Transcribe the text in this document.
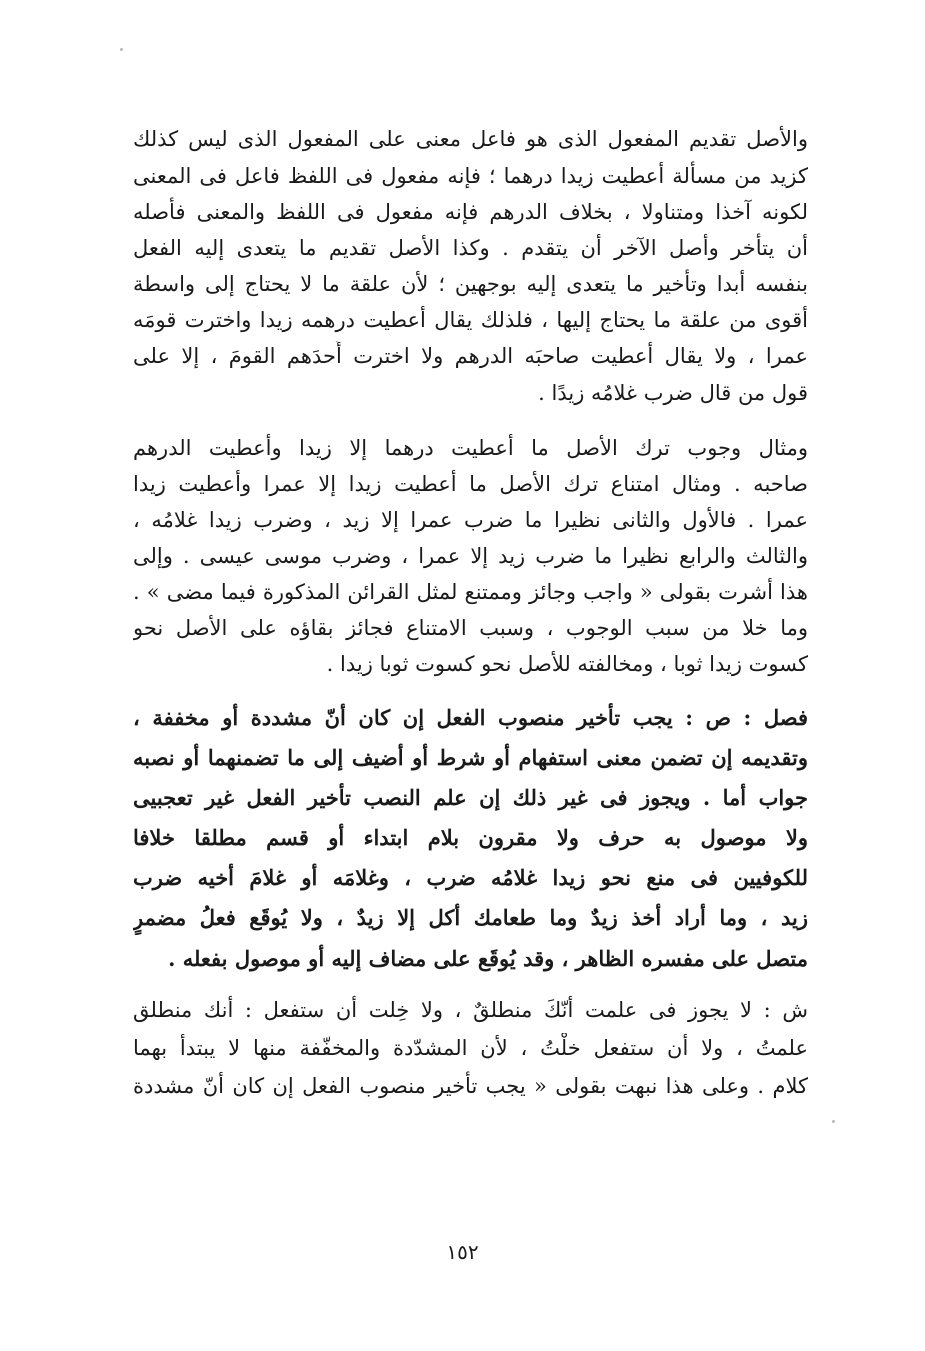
والأصل تقديم المفعول الذى هو فاعل معنى على المفعول الذى ليس كذلك
كزيد من مسألة أعطيت زيدا درهما ؛ فإنه مفعول فى اللفظ فاعل فى المعنى
لكونه آخذا ومتناولا ، بخلاف الدرهم فإنه مفعول فى اللفظ والمعنى فأصله
أن يتأخر وأصل الآخر أن يتقدم . وكذا الأصل تقديم ما يتعدى إليه الفعل
بنفسه أبدا وتأخير ما يتعدى إليه بوجهين ؛ لأن علقة ما لا يحتاج إلى واسطة
أقوى من علقة ما يحتاج إليها ، فلذلك يقال أعطيت درهمه زيدا واخترت قومَه
عمرا ، ولا يقال أعطيت صاحبَه الدرهم ولا اخترت أَحدَهم القومَ ، إلا على
قول من قال ضرب غلامُه زيدًا .
ومثال وجوب ترك الأصل ما أعطيت درهما إلا زيدا وأعطيت الدرهم
صاحبه . ومثال امتناع ترك الأصل ما أعطيت زيدا إلا عمرا وأعطيت زيدا
عمرا . فالأول والثانى نظيرا ما ضرب عمرا إلا زيد ، وضرب زيدا غلامُه ،
والثالث والرابع نظيرا ما ضرب زيد إلا عمرا ، وضرب موسى عيسى . وإلى
هذا أشرت بقولى « واجب وجائز وممتنع لمثل القرائن المذكورة فيما مضى » .
وما خلا من سبب الوجوب ، وسبب الامتناع فجائز بقاؤه على الأصل نحو
كسوت زيدا ثوبا ، ومخالفته للأصل نحو كسوت ثوبا زيدا .
فصل : ص : يجب تأخير منصوب الفعل إن كان أنّ مشددة أو مخففة ،
وتقديمه إن تضمن معنى استفهام أو شرط أو أضيف إلى ما تضمنهما أو نصبه
جواب أما . ويجوز فى غير ذلك إن علم النصب تأخير الفعل غير تعجبيى
ولا موصول به حرف ولا مقرون بلام ابتداء أو قسم مطلقا خلافا
للكوفيين فى منع نحو زيدا غلامُه ضرب ، وغلامَه أو غلامَ أخيه ضرب
زيد ، وما أراد أخذ زيدٌ وما طعامك أكل إلا زيدٌ ، ولا يُوقَع فعلُ مضمرٍ
متصل على مفسره الظاهر ، وقد يُوقَع على مضاف إليه أو موصول بفعله .
ش : لا يجوز فى علمت أنّكَ منطلقٌ ، ولا خِلت أن ستفعل : أنك منطلق
علمتُ ، ولا أن ستفعل خلْتُ ، لأن المشدّدة والمخفّفة منها لا يبتدأ بهما
كلام . وعلى هذا نبهت بقولى « يجب تأخير منصوب الفعل إن كان أنّ مشددة
١٥٢
